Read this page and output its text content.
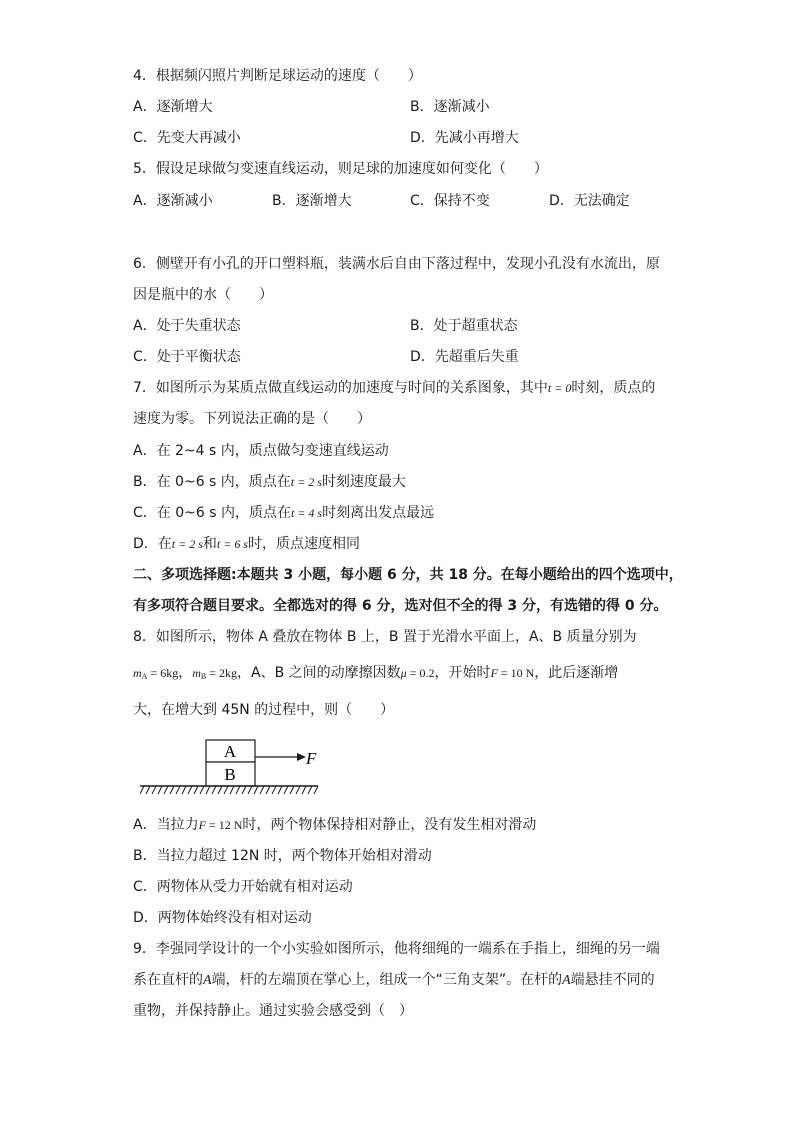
4．根据频闪照片判断足球运动的速度（　　）
A．逐渐增大	B．逐渐减小
C．先变大再减小	D．先减小再增大
5．假设足球做匀变速直线运动，则足球的加速度如何变化（　　）
A．逐渐减小	B．逐渐增大	C．保持不变	D．无法确定
6．侧壁开有小孔的开口塑料瓶，装满水后自由下落过程中，发现小孔没有水流出，原
因是瓶中的水（　　）
A．处于失重状态	B．处于超重状态
C．处于平衡状态	D．先超重后失重
7．如图所示为某质点做直线运动的加速度与时间的关系图象，其中t = 0时刻，质点的
速度为零。下列说法正确的是（　　）
A．在 2~4 s 内，质点做匀变速直线运动
B．在 0~6 s 内，质点在t = 2 s时刻速度最大
C．在 0~6 s 内，质点在t = 4 s时刻离出发点最远
D．在t = 2 s和t = 6 s时，质点速度相同
二、多项选择题:本题共 3 小题，每小题 6 分，共 18 分。在每小题给出的四个选项中，
有多项符合题目要求。全都选对的得 6 分，选对但不全的得 3 分，有选错的得 0 分。
8．如图所示，物体 A 叠放在物体 B 上，B 置于光滑水平面上，A、B 质量分别为
$m_A = 6kg$，$m_B = 2kg$，A、B 之间的动摩擦因数μ = 0.2，开始时F = 10 N，此后逐渐增
大，在增大到 45N 的过程中，则（　　）
A
B
F
A．当拉力F = 12 N时，两个物体保持相对静止，没有发生相对滑动
B．当拉力超过 12N 时，两个物体开始相对滑动
C．两物体从受力开始就有相对运动
D．两物体始终没有相对运动
9．李强同学设计的一个小实验如图所示，他将细绳的一端系在手指上，细绳的另一端
系在直杆的A端，杆的左端顶在掌心上，组成一个“三角支架”。在杆的A端悬挂不同的
重物，并保持静止。通过实验会感受到（　）
